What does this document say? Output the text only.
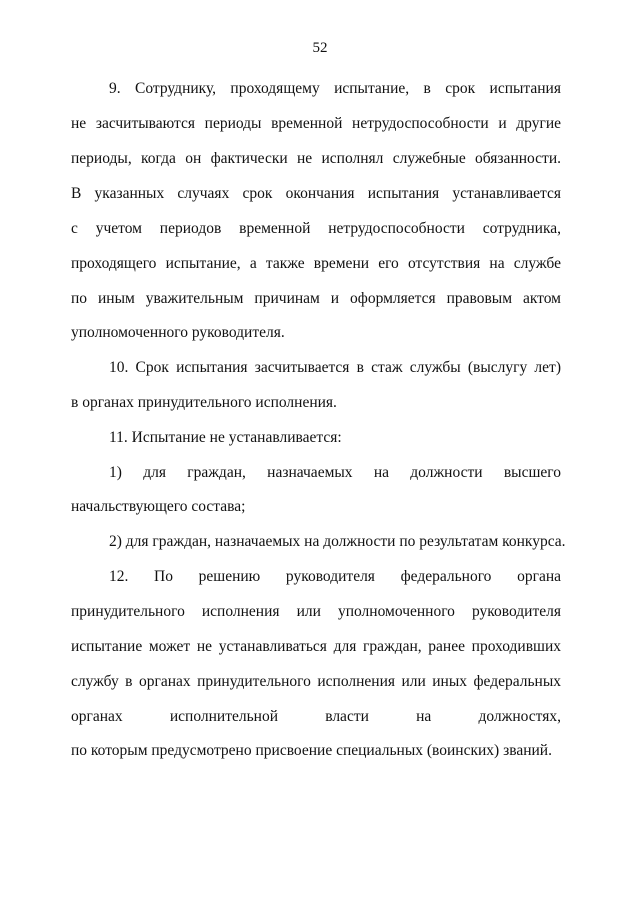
52
9. Сотруднику, проходящему испытание, в срок испытания
не засчитываются периоды временной нетрудоспособности и другие
периоды, когда он фактически не исполнял служебные обязанности.
В указанных случаях срок окончания испытания устанавливается
с учетом периодов временной нетрудоспособности сотрудника,
проходящего испытание, а также времени его отсутствия на службе
по иным уважительным причинам и оформляется правовым актом
уполномоченного руководителя.
10. Срок испытания засчитывается в стаж службы (выслугу лет)
в органах принудительного исполнения.
11. Испытание не устанавливается:
1) для граждан, назначаемых на должности высшего
начальствующего состава;
2) для граждан, назначаемых на должности по результатам конкурса.
12. По решению руководителя федерального органа
принудительного исполнения или уполномоченного руководителя
испытание может не устанавливаться для граждан, ранее проходивших
службу в органах принудительного исполнения или иных федеральных
органах исполнительной власти на должностях,
по которым предусмотрено присвоение специальных (воинских) званий.
